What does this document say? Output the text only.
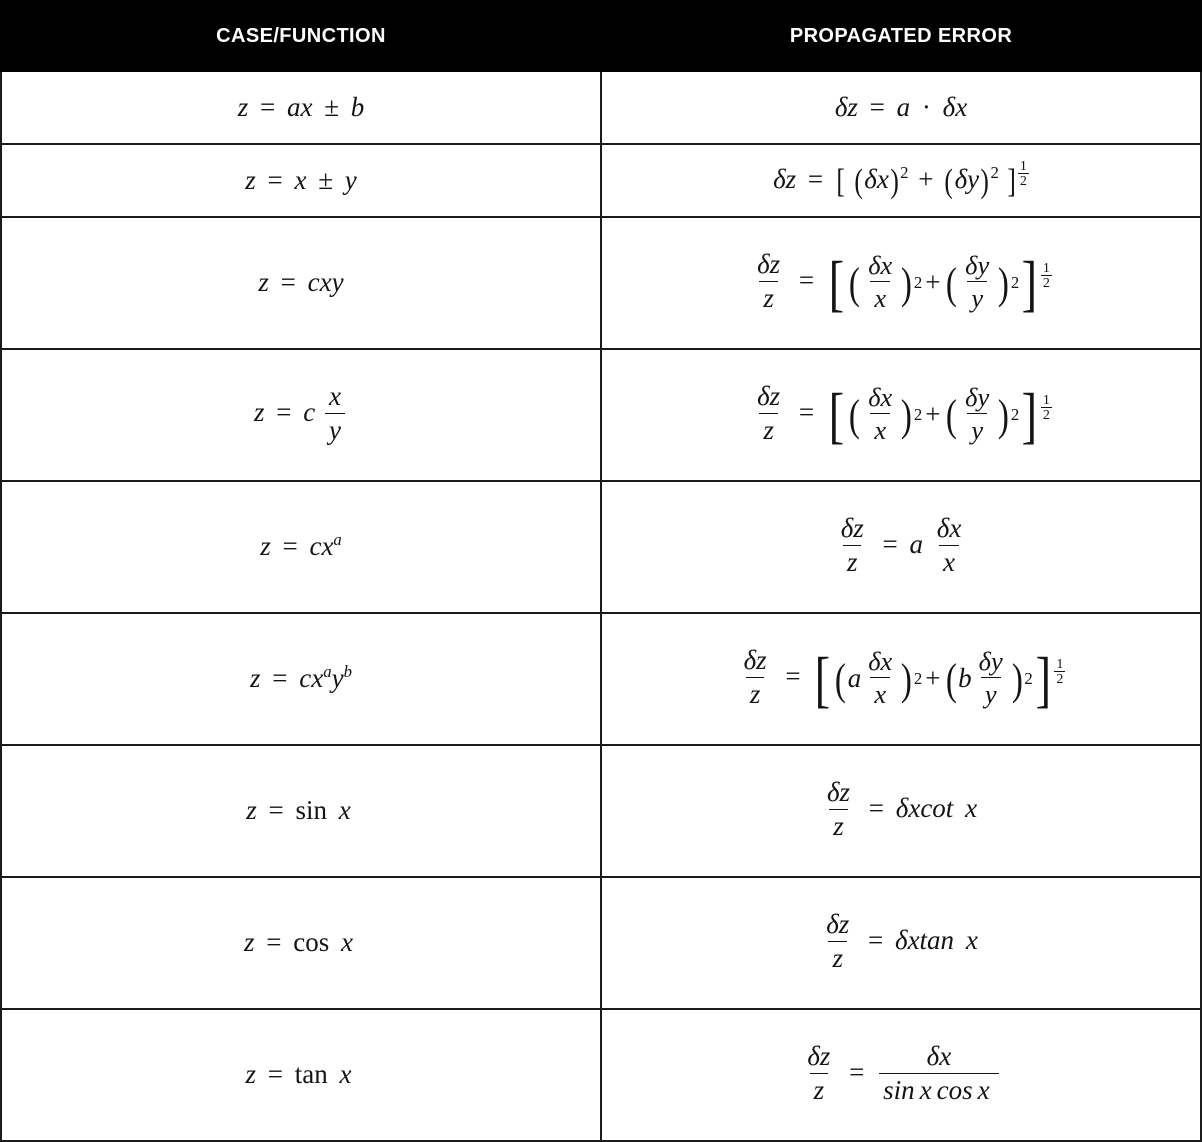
CASE/FUNCTION	PROPAGATED ERROR
z = ax ± b	δz = a · δx
z = x ± y	δz = [ $(\delta x)^2 + (\delta y)^2$ ] $\frac{1}{2}$

z = cxy	$\frac{\delta z}{z}$ = [ ( $\frac{\delta x}{x}$ ) 2 + ( $\frac{\delta y}{y}$ ) 2 ] $\frac{1}{2}$

z = c $\frac{x}{y}$	$\frac{\delta z}{z}$ = [ ( $\frac{\delta x}{x}$ ) 2 + ( $\frac{\delta y}{y}$ ) 2 ] $\frac{1}{2}$

$z = cx^a$	$\frac{\delta z}{z} = a \frac{\delta x}{x}$

$z = cx^ay^b$	$\frac{\delta z}{z}$ = [ ( a $\frac{\delta x}{x}$ ) 2 + ( b $\frac{\delta y}{y}$ ) 2 ] $\frac{1}{2}$

z = sin x	$\frac{\delta z}{z} = \delta xcot$ x
z = cos x	$\frac{\delta z}{z} = \delta xtan$ x
z = tan x	$\frac{\delta z}{z} = \frac{\delta x}{\text{sin x cos x}}$
